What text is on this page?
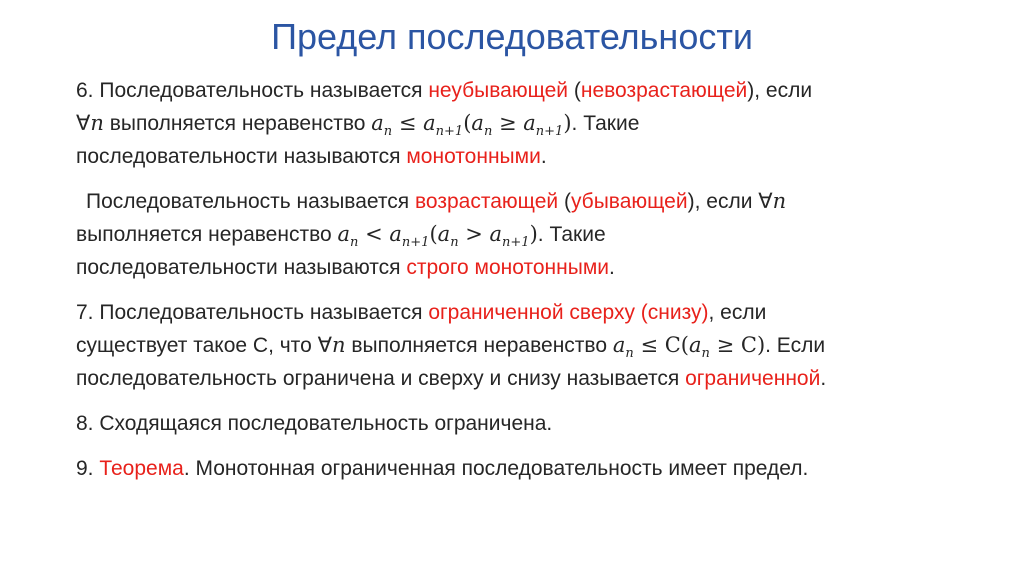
Предел последовательности

6. Последовательность называется неубывающей (невозрастающей), если
∀n выполняется неравенство $a_n \le a_{n+1}(a_n \ge a_{n+1})$. Такие
последовательности называются монотонными.

Последовательность называется возрастающей (убывающей), если ∀n
выполняется неравенство $a_n < a_{n+1}(a_n > a_{n+1})$. Такие
последовательности называются строго монотонными.

7. Последовательность называется ограниченной сверху (снизу), если
существует такое С, что ∀n выполняется неравенство $a_n \le C(a_n \ge C)$. Если
последовательность ограничена и сверху и снизу называется ограниченной.

8. Сходящаяся последовательность ограничена.

9. Теорема. Монотонная ограниченная последовательность имеет предел.
